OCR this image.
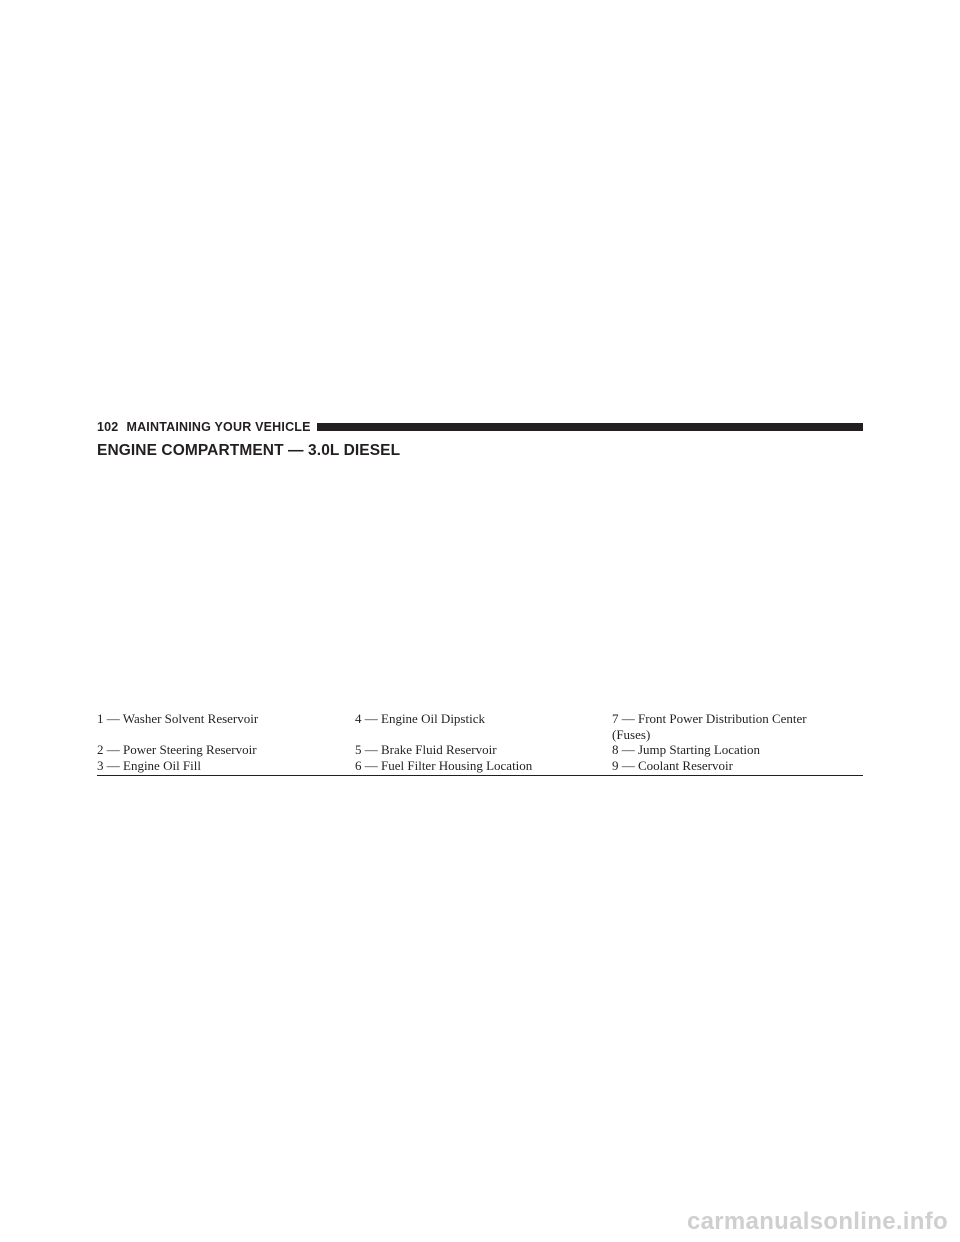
102 MAINTAINING YOUR VEHICLE
ENGINE COMPARTMENT — 3.0L DIESEL
1 — Washer Solvent Reservoir	4 — Engine Oil Dipstick	7 — Front Power Distribution Center
(Fuses)
2 — Power Steering Reservoir	5 — Brake Fluid Reservoir	8 — Jump Starting Location
3 — Engine Oil Fill	6 — Fuel Filter Housing Location	9 — Coolant Reservoir
carmanualsonline.info
